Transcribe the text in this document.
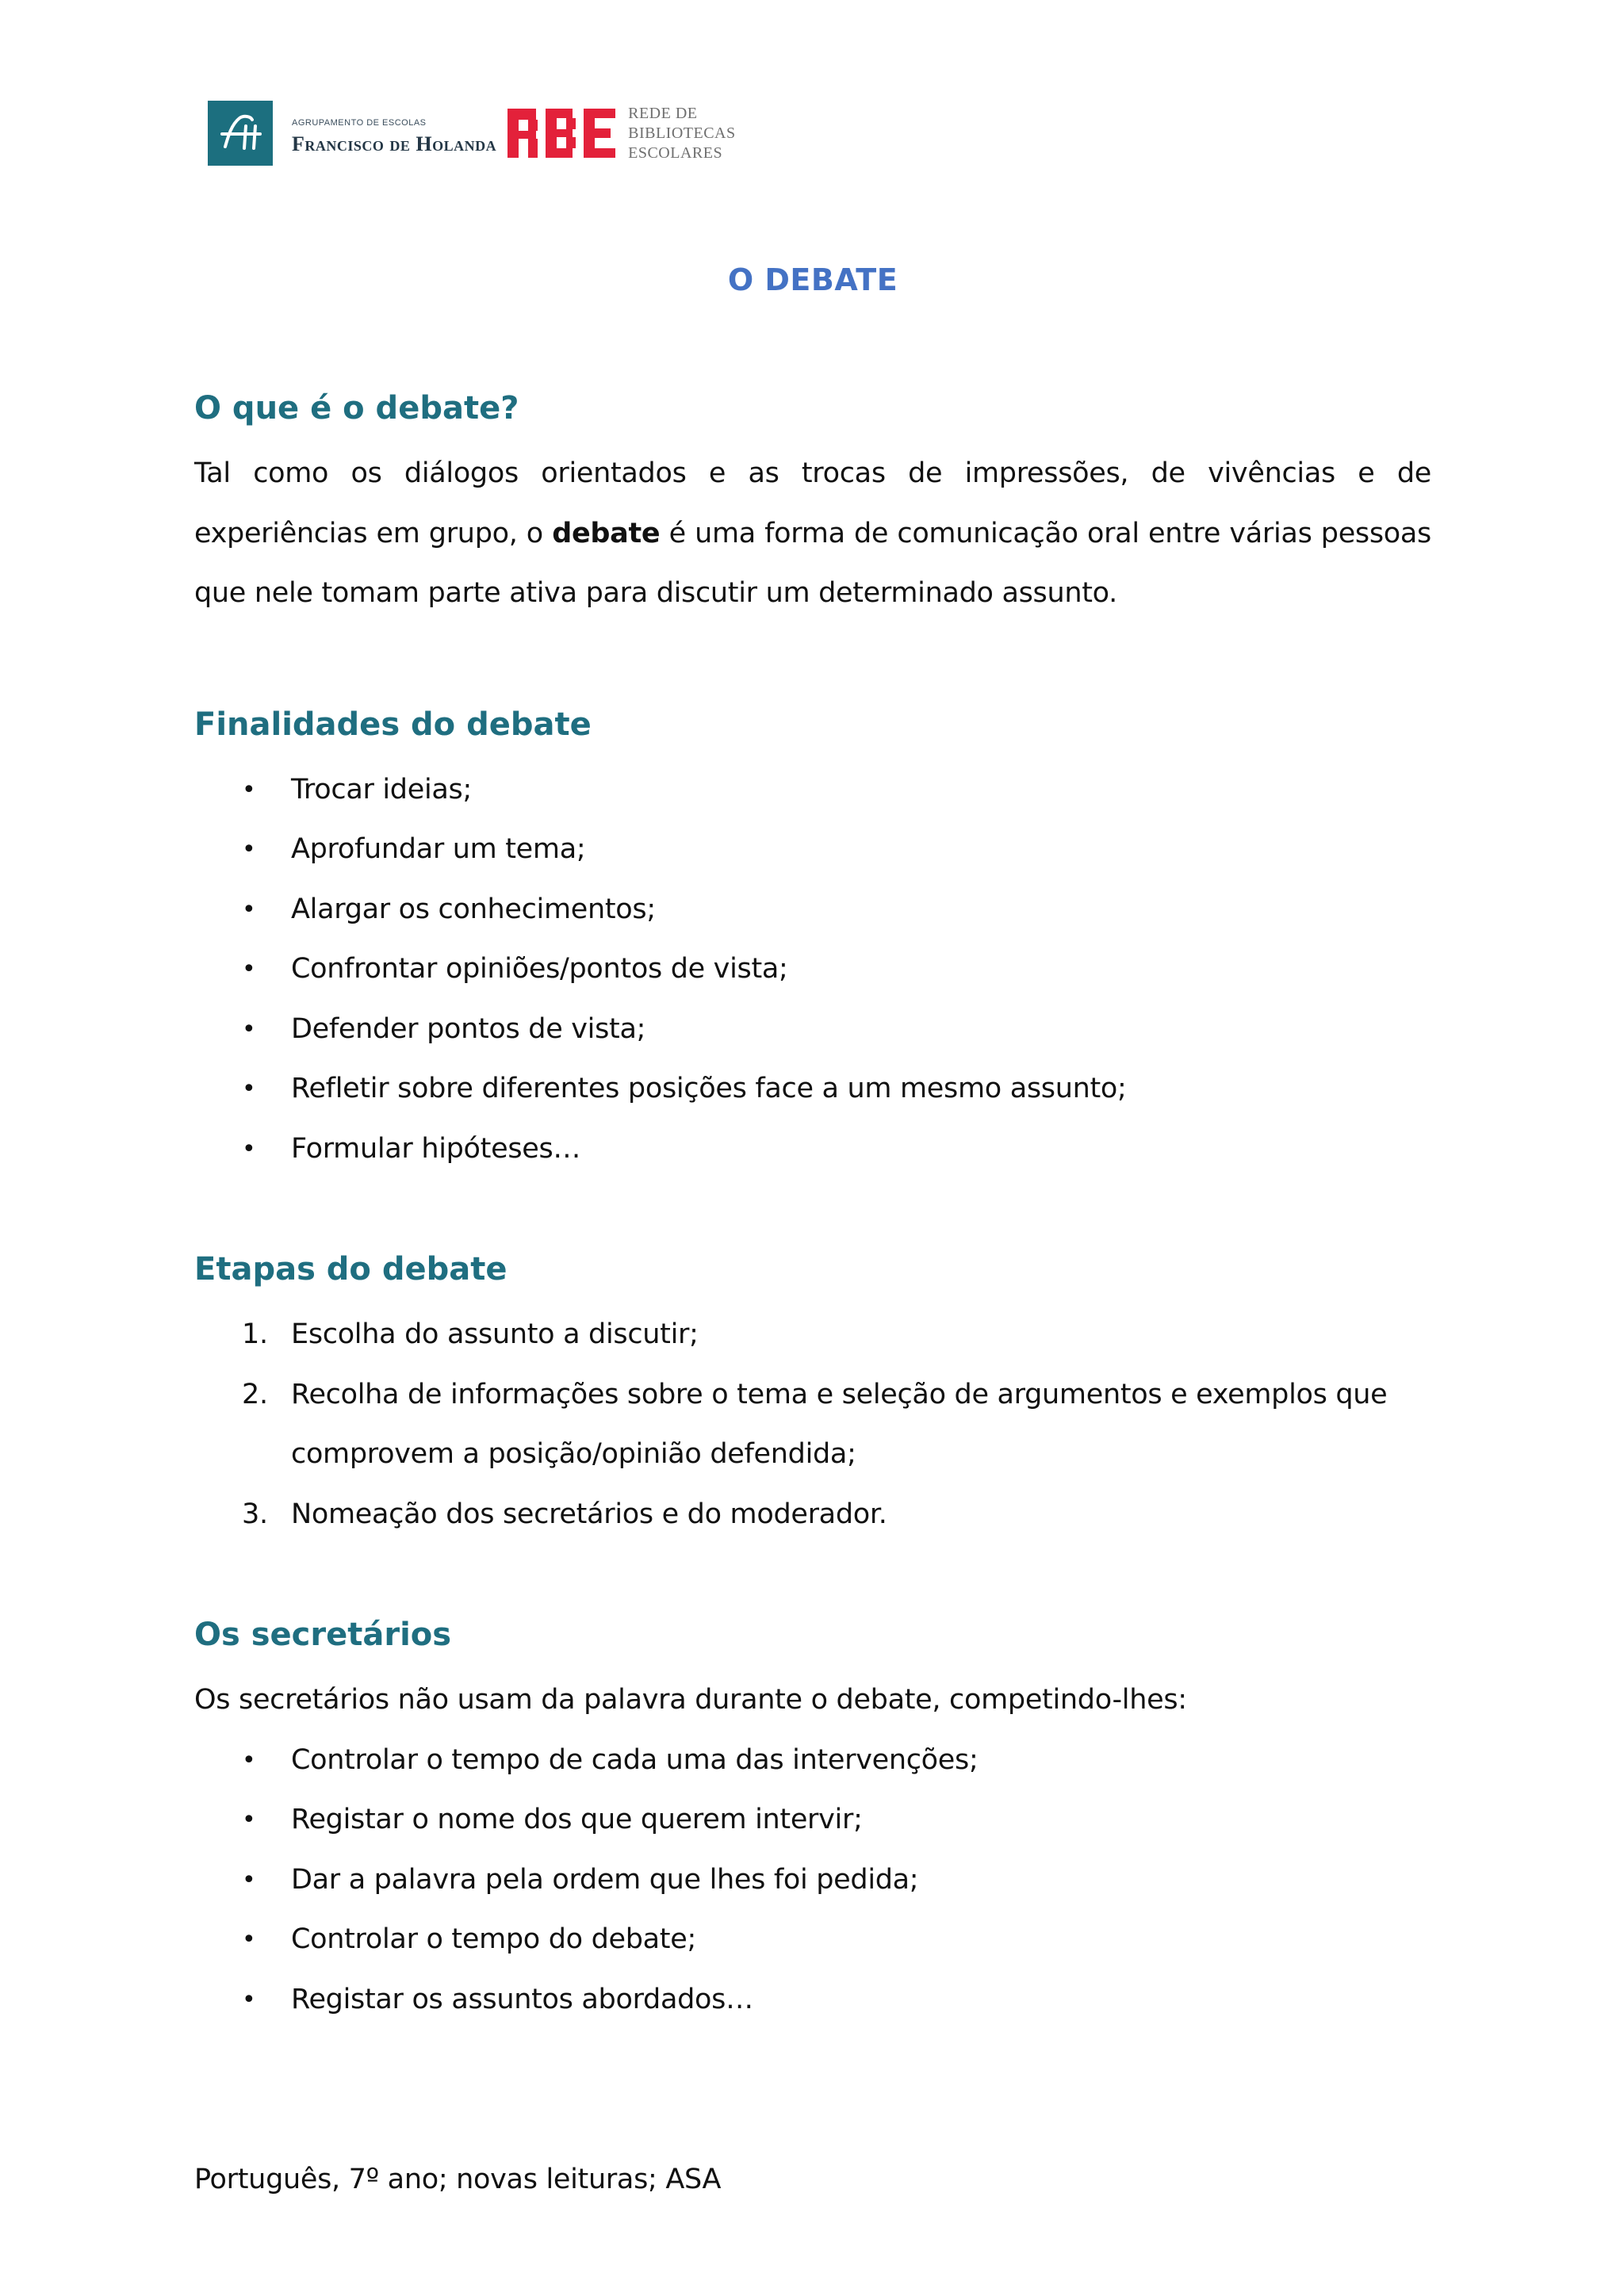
AGRUPAMENTO DE ESCOLAS
Francisco de Holanda
REDE DE
BIBLIOTECAS
ESCOLARES
O DEBATE
O que é o debate?

Tal como os diálogos orientados e as trocas de impressões, de vivências e de experiências em grupo, o debate é uma forma de comunicação oral entre várias pessoas que nele tomam parte ativa para discutir um determinado assunto.

Finalidades do debate
• Trocar ideias;
• Aprofundar um tema;
• Alargar os conhecimentos;
• Confrontar opiniões/pontos de vista;
• Defender pontos de vista;
• Refletir sobre diferentes posições face a um mesmo assunto;
• Formular hipóteses…
Etapas do debate
1. Escolha do assunto a discutir;
2. Recolha de informações sobre o tema e seleção de argumentos e exemplos que
comprovem a posição/opinião defendida;
3. Nomeação dos secretários e do moderador.
Os secretários

Os secretários não usam da palavra durante o debate, competindo-lhes:

• Controlar o tempo de cada uma das intervenções;
• Registar o nome dos que querem intervir;
• Dar a palavra pela ordem que lhes foi pedida;
• Controlar o tempo do debate;
• Registar os assuntos abordados…
Português, 7º ano; novas leituras; ASA
